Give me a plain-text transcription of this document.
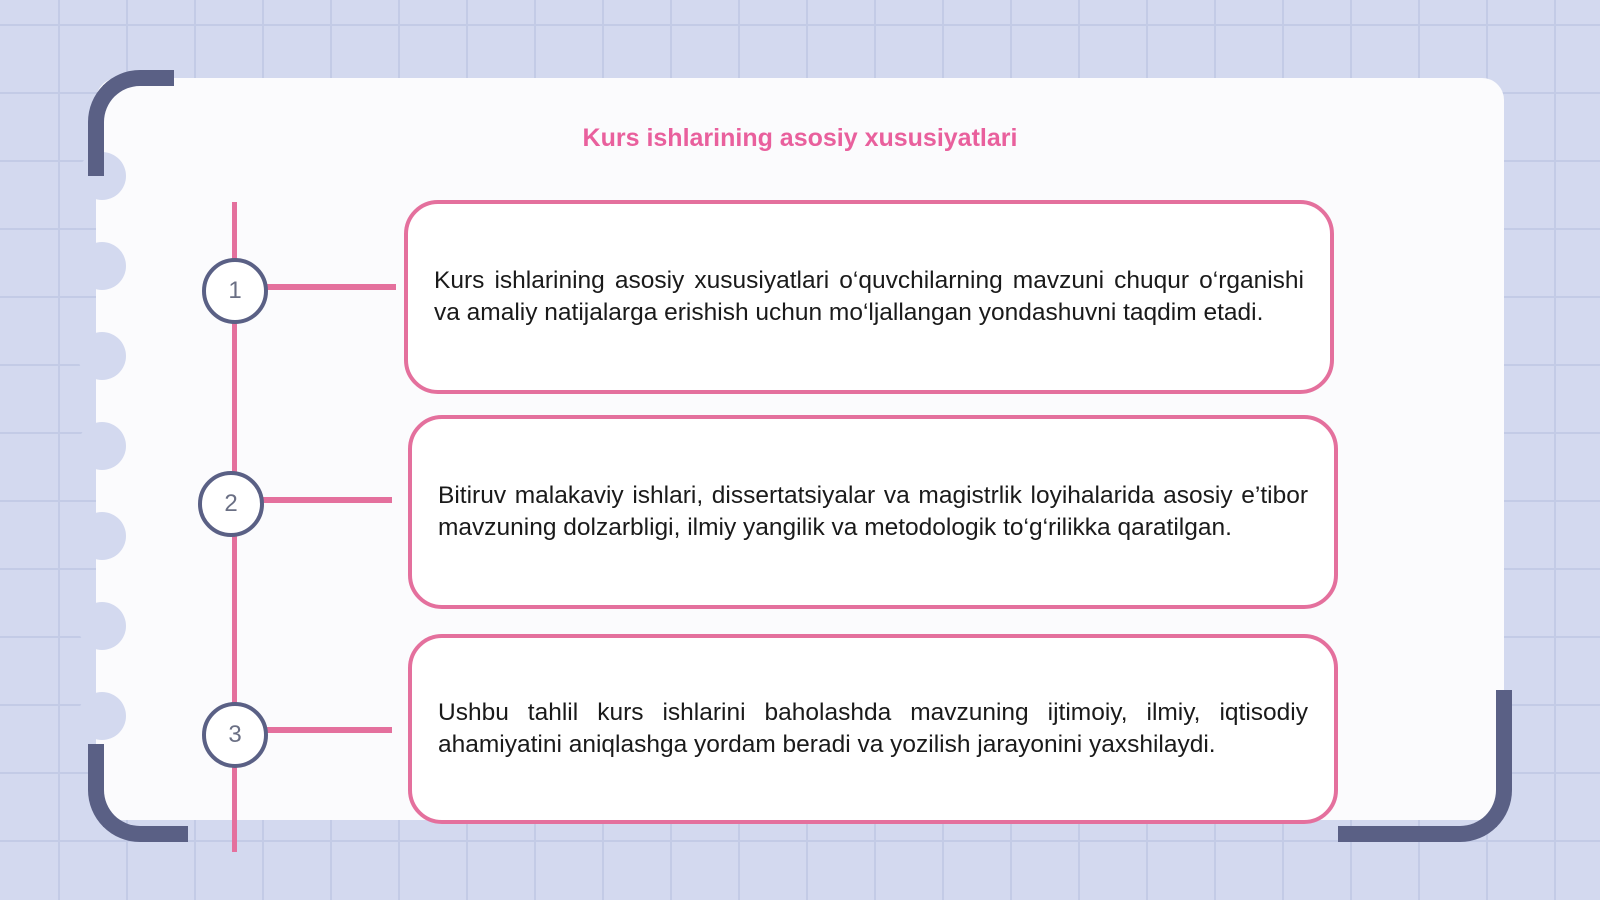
Kurs ishlarining asosiy xususiyatlari
1	Kurs ishlarining asosiy xususiyatlari o‘quvchilarning mavzuni chuqur o‘rganishi va amaliy natijalarga erishish uchun mo‘ljallangan yondashuvni taqdim etadi.

2	Bitiruv malakaviy ishlari, dissertatsiyalar va magistrlik loyihalarida asosiy e’tibor mavzuning dolzarbligi, ilmiy yangilik va metodologik to‘g‘rilikka qaratilgan.

3

Ushbu tahlil kurs ishlarini baholashda mavzuning ijtimoiy, ilmiy, iqtisodiy ahamiyatini aniqlashga yordam beradi va yozilish jarayonini yaxshilaydi.
